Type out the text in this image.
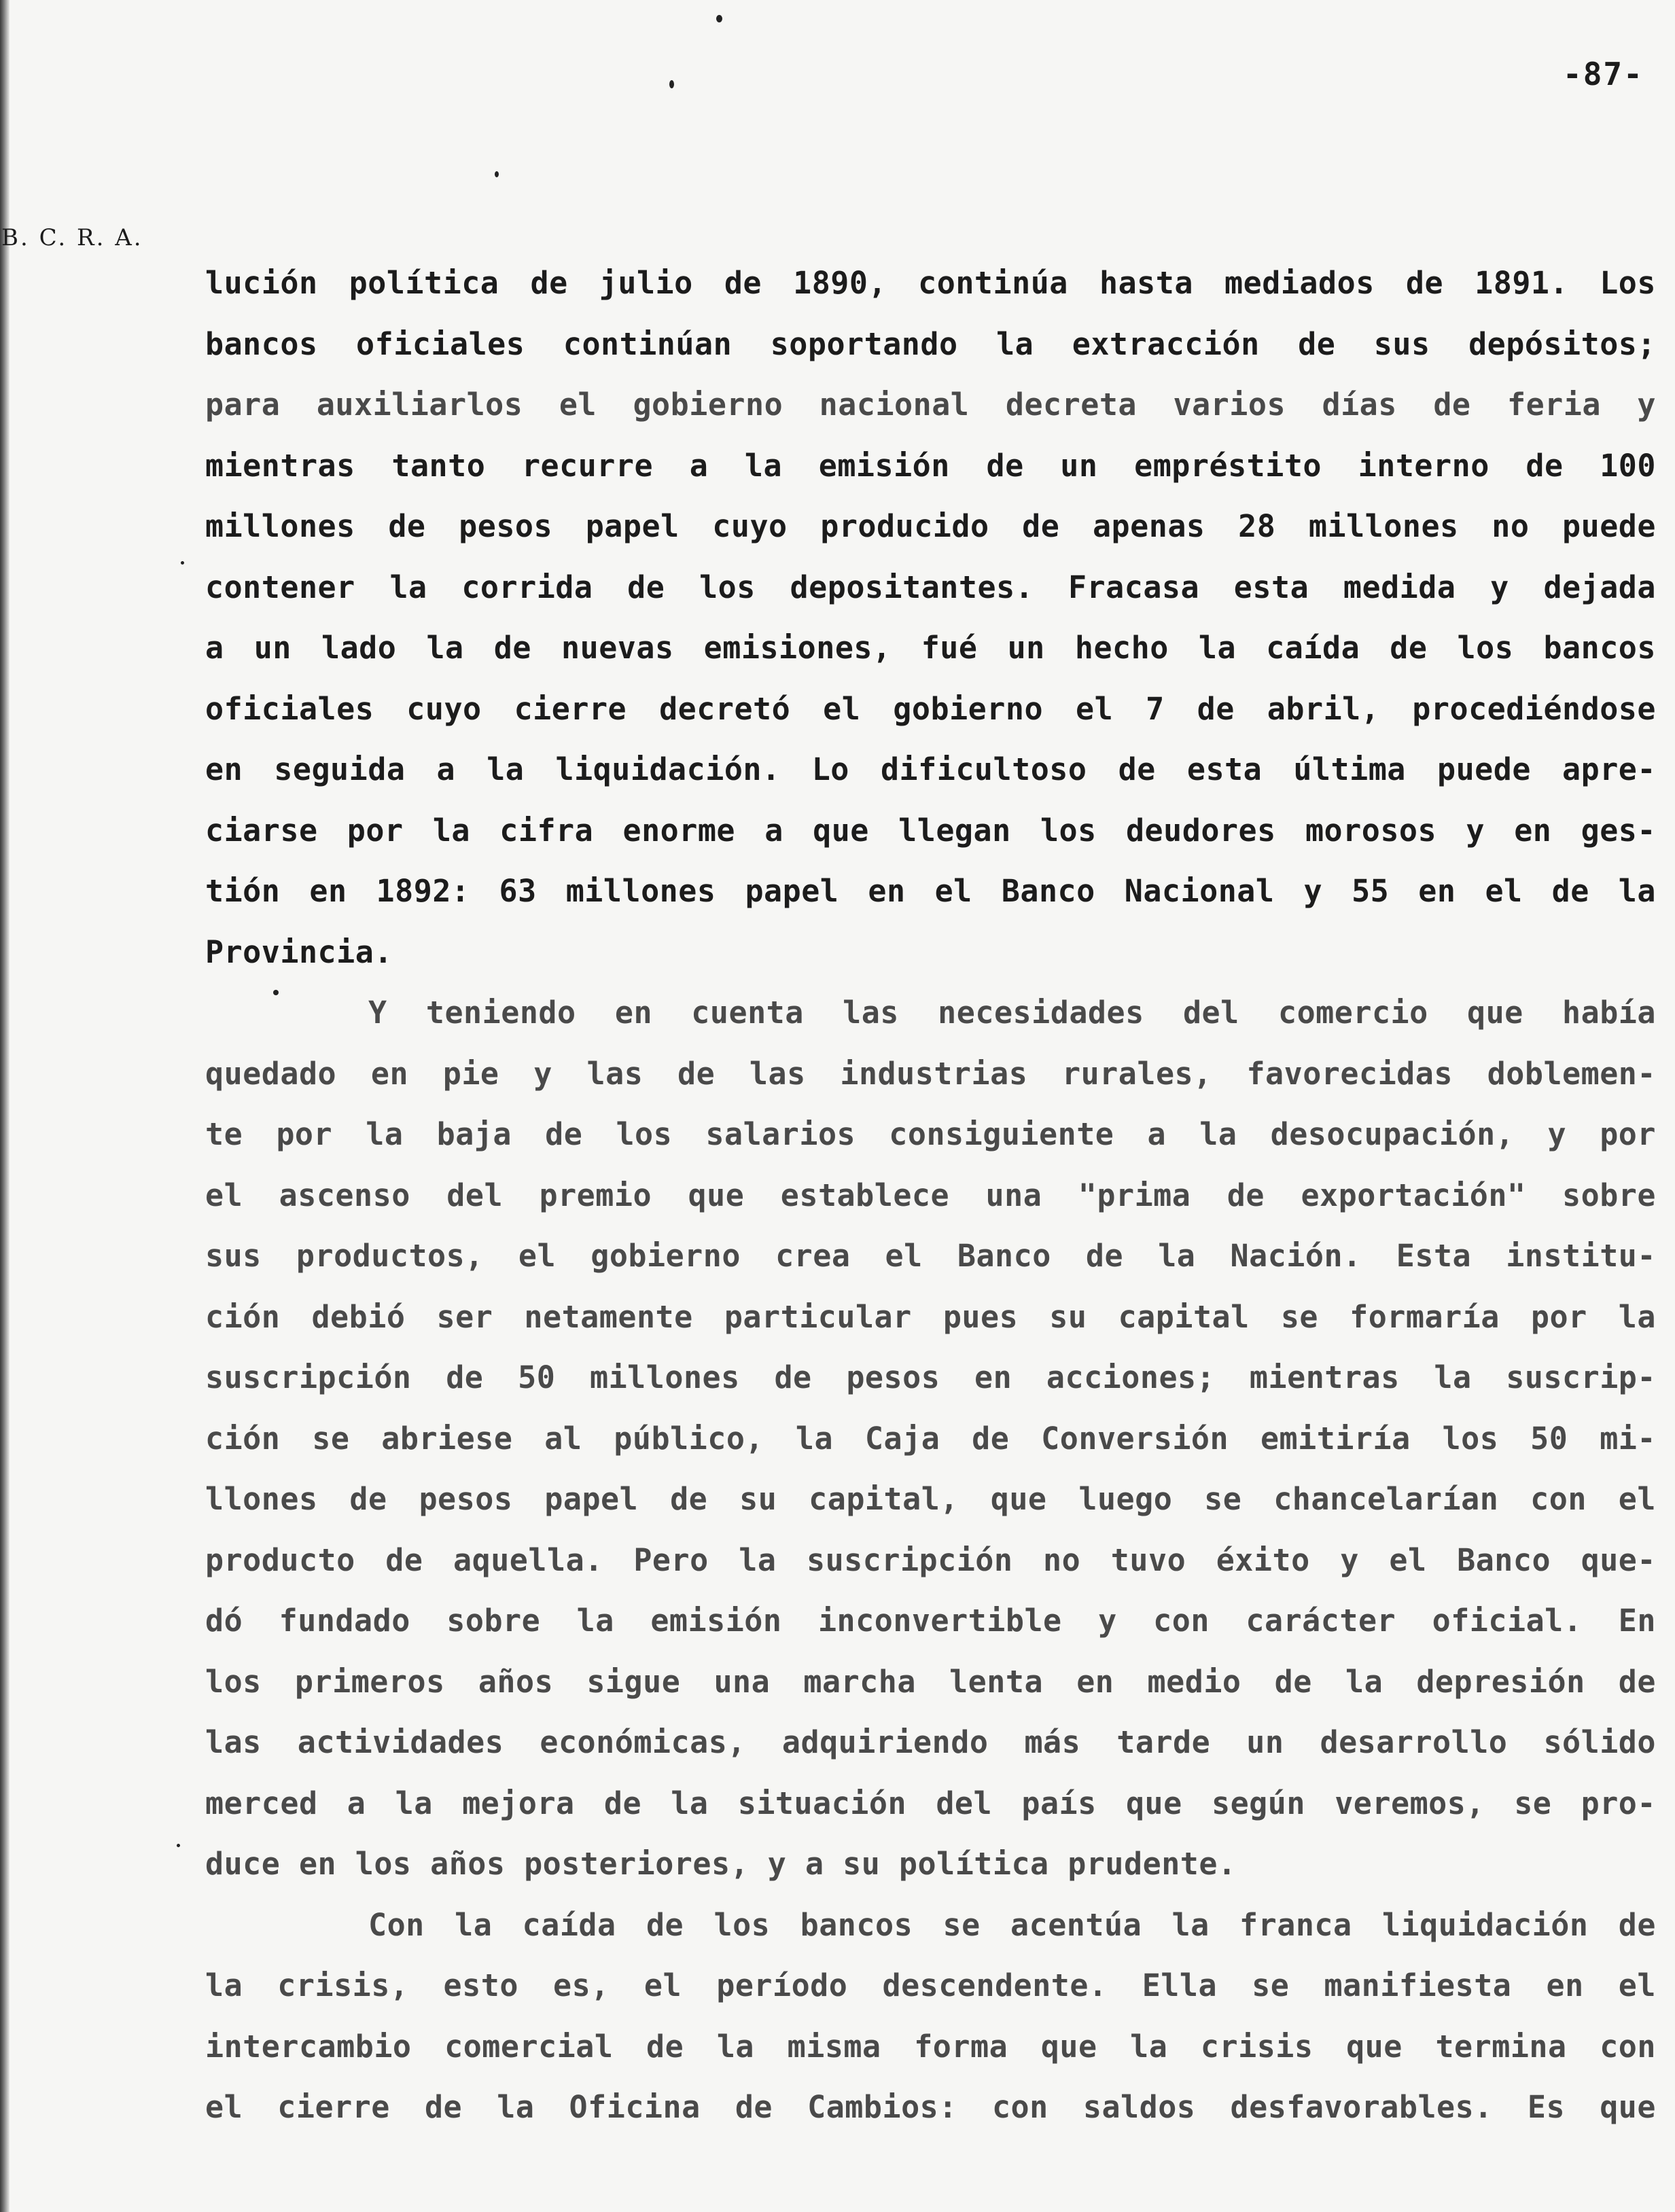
-87-
B. C. R. A.
lución política de julio de 1890, continúa hasta mediados de 1891. Los
bancos oficiales continúan soportando la extracción de sus depósitos;
para auxiliarlos el gobierno nacional decreta varios días de feria y
mientras tanto recurre a la emisión de un empréstito interno de 100
millones de pesos papel cuyo producido de apenas 28 millones no puede
contener la corrida de los depositantes. Fracasa esta medida y dejada
a un lado la de nuevas emisiones, fué un hecho la caída de los bancos
oficiales cuyo cierre decretó el gobierno el 7 de abril, procediéndose
en seguida a la liquidación. Lo dificultoso de esta última puede apre-
ciarse por la cifra enorme a que llegan los deudores morosos y en ges-
tión en 1892: 63 millones papel en el Banco Nacional y 55 en el de la
Provincia.
Y teniendo en cuenta las necesidades del comercio que había
quedado en pie y las de las industrias rurales, favorecidas doblemen-
te por la baja de los salarios consiguiente a la desocupación, y por
el ascenso del premio que establece una "prima de exportación" sobre
sus productos, el gobierno crea el Banco de la Nación. Esta institu-
ción debió ser netamente particular pues su capital se formaría por la
suscripción de 50 millones de pesos en acciones; mientras la suscrip-
ción se abriese al público, la Caja de Conversión emitiría los 50 mi-
llones de pesos papel de su capital, que luego se chancelarían con el
producto de aquella. Pero la suscripción no tuvo éxito y el Banco que-
dó fundado sobre la emisión inconvertible y con carácter oficial. En
los primeros años sigue una marcha lenta en medio de la depresión de
las actividades económicas, adquiriendo más tarde un desarrollo sólido
merced a la mejora de la situación del país que según veremos, se pro-
duce en los años posteriores, y a su política prudente.
Con la caída de los bancos se acentúa la franca liquidación de
la crisis, esto es, el período descendente. Ella se manifiesta en el
intercambio comercial de la misma forma que la crisis que termina con
el cierre de la Oficina de Cambios: con saldos desfavorables. Es que
